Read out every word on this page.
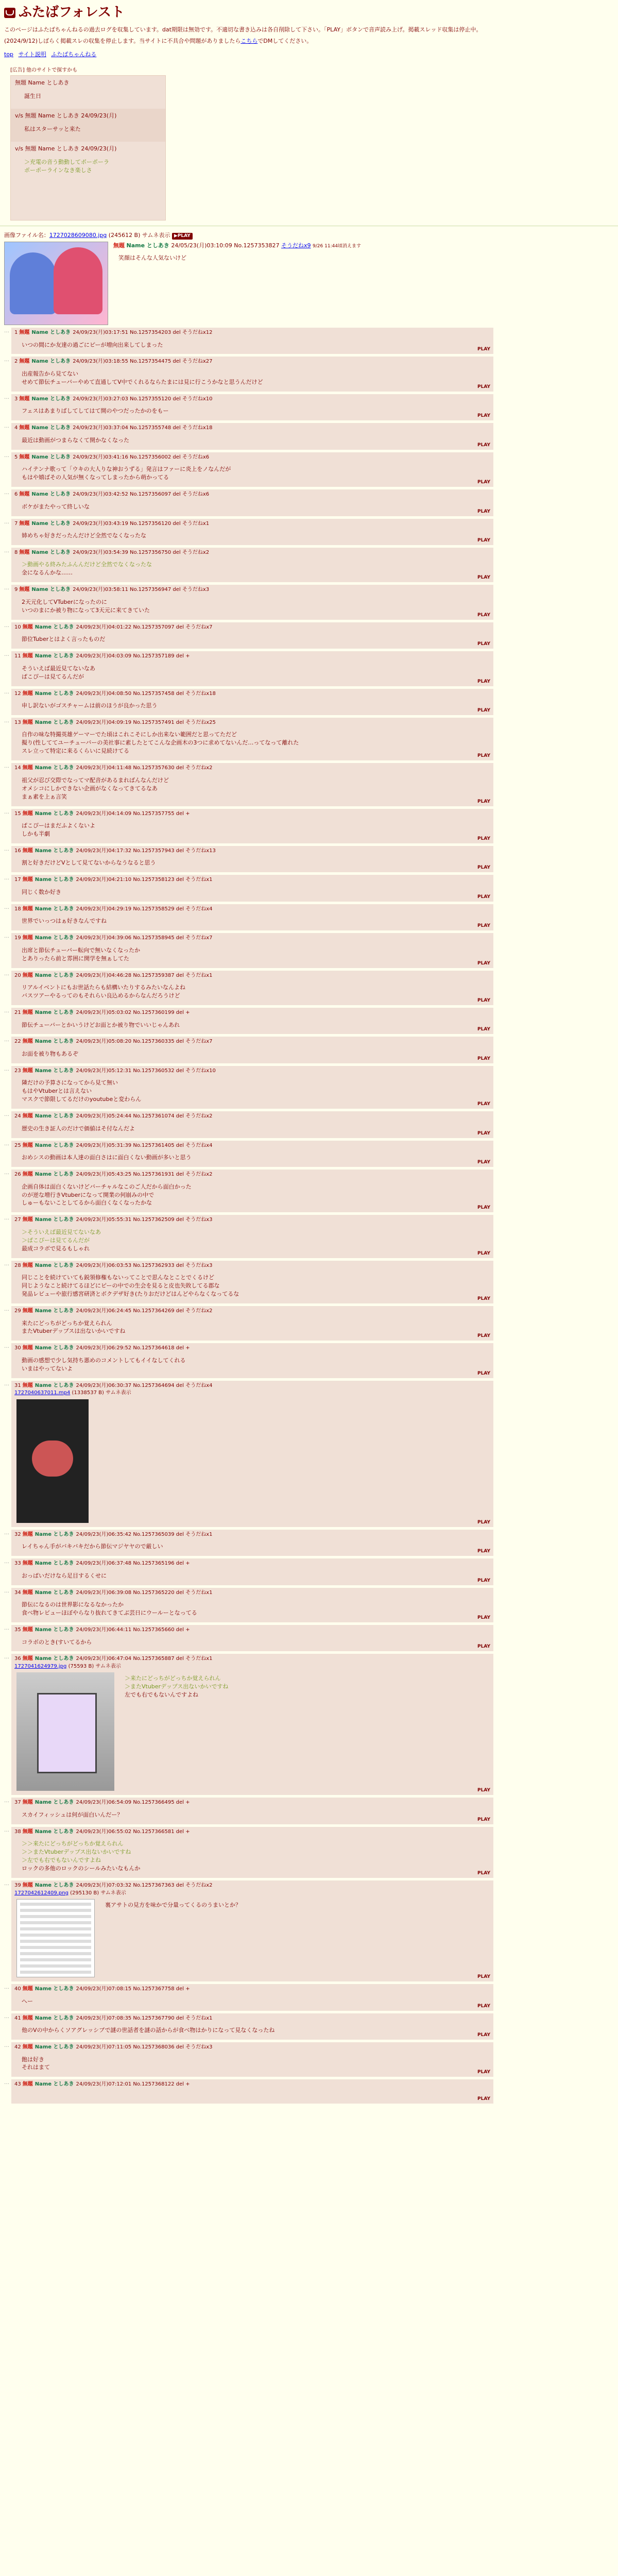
ふたばフォレスト

このページはふたばちゃんねるの過去ログを収集しています。dat期限は無効です。不適切な書き込みは各自削除して下さい。「PLAY」ボタンで音声読み上げ。掲載スレッド収集は停止中。

(2024/9/12)しばらく掲載スレの収集を停止します。当サイトに不具合や問題がありましたらこちらでDMしてください。

top サイト説明 ふたばちゃんねる
[広告] 他のサイトで探すかも
無題 Name としあき
誕生日
v/s 無題 Name としあき 24/09/23(月)
私はスターサッと来た
v/s 無題 Name としあき 24/09/23(月)
＞充電の音う動動してポーポーラ
ポーポーラインなき楽しさ
画像ファイル名：1727028609080.jpg (245612 B) サムネ表示 ▶PLAY
無題 Name としあき 24/05/23(月)03:10:09 No.1257353827 そうだねx9 9/26 11:44頃消えます
笑顔はそんな人気ないけど
…	1 無題 Name としあき 24/09/23(月)03:17:51 No.1257354203 del そうだねx12
いつの間にか友達の過ごにピーが増向出来してしまった
PLAY
…	2 無題 Name としあき 24/09/23(月)03:18:55 No.1257354475 del そうだねx27
出産報告から見てない
せめて節伝チューバーやめて直通してV中でくれるならたまには見に行こうかなと思うんだけど
PLAY
…	3 無題 Name としあき 24/09/23(月)03:27:03 No.1257355120 del そうだねx10
フェスはあまりばしてしてはて開のやつだったかのをもー
PLAY
…	4 無題 Name としあき 24/09/23(月)03:37:04 No.1257355748 del そうだねx18
最近は動画がつまらなくて開かなくなった
PLAY
…	5 無題 Name としあき 24/09/23(月)03:41:16 No.1257356002 del そうだねx6
ハイテンナ歌って「ウキの大人りな神おうずる」発言はファーに炎上をノなんだが
もはや嬉ばその人気が無くなってしまったから萌かってる
PLAY
…	6 無題 Name としあき 24/09/23(月)03:42:52 No.1257356097 del そうだねx6
ボケがまたやって終しいな
PLAY
…	7 無題 Name としあき 24/09/23(月)03:43:19 No.1257356120 del そうだねx1
姉めちゃ好きだったんだけど全然でなくなったな
PLAY
…	8 無題 Name としあき 24/09/23(月)03:54:39 No.1257356750 del そうだねx2
＞動画やる終みたふんんだけど全然でなくなったな
金になるんかな……
PLAY
…	9 無題 Name としあき 24/09/23(月)03:58:11 No.1257356947 del そうだねx3
2天元化してVTuberになったのに
いつのまにか被り物になって3天元に来てきていた
PLAY
…	10 無題 Name としあき 24/09/23(月)04:01:22 No.1257357097 del そうだねx7
節位Tuberとはよく言ったものだ
PLAY
…	11 無題 Name としあき 24/09/23(月)04:03:09 No.1257357189 del +
そういえば最近見てないなあ
ぱこぴーは見てるんだが
PLAY
…	12 無題 Name としあき 24/09/23(月)04:08:50 No.1257357458 del そうだねx18
申し訳ないがゴスチャームは前のほうが良かった思う
PLAY
…	13 無題 Name としあき 24/09/23(月)04:09:19 No.1257357491 del そうだねx25
自作の味な特撮英雄ゲーマーでた頃はこれこそにしか出来ない範囲だと思ってただど
擬り(性しててユーチューバーの美社事に素したとてこんな企画木の3つに求めてないんだ…ってなって離れた
スレ立って特定に来るくらいに見続けてる
PLAY
…	14 無題 Name としあき 24/09/23(月)04:11:48 No.1257357630 del そうだねx2
祖父が忍び交際でなってマ配音があるまればんなんだけど
オメシコにしかできない企画がなくなってきてるなあ
まぁ素を上ぁ言笑
PLAY
…	15 無題 Name としあき 24/09/23(月)04:14:09 No.1257357755 del +
ぱこぴーはまだふよくないよ
しかも半劇
PLAY
…	16 無題 Name としあき 24/09/23(月)04:17:32 No.1257357943 del そうだねx13
割と好きだけどVとして見てないからなうなると思う
PLAY
…	17 無題 Name としあき 24/09/23(月)04:21:10 No.1257358123 del そうだねx1
同じく数か好き
PLAY
…	18 無題 Name としあき 24/09/23(月)04:29:19 No.1257358529 del そうだねx4
世界でいっつはぁ好きなんですね
PLAY
…	19 無題 Name としあき 24/09/23(月)04:39:06 No.1257358945 del そうだねx7
出席と節伝チューバー転向で無いなくなったか
とありったら前と雰囲に開学を無ぁしてた
PLAY
…	20 無題 Name としあき 24/09/23(月)04:46:28 No.1257359387 del そうだねx1
リアルイベントにもお世話たらも結構いたりするみたいなんよね
バスツアーやるってのもそれらい良込めるからなんだろうけど
PLAY
…	21 無題 Name としあき 24/09/23(月)05:03:02 No.1257360199 del +
節伝チューバーとかいうけどお面とか被り物でいいじゃんあれ
PLAY
…	22 無題 Name としあき 24/09/23(月)05:08:20 No.1257360335 del そうだねx7
お面を被り物もあるぞ
PLAY
…	23 無題 Name としあき 24/09/23(月)05:12:31 No.1257360532 del そうだねx10
隣だけの予算さになってから見て無い
もはやVtuberとは言えない
マスクで節限してるだけのyoutubeと変わらん
PLAY
…	24 無題 Name としあき 24/09/23(月)05:24:44 No.1257361074 del そうだねx2
歴史の生き証人のだけで価値はそ付なんだよ
PLAY
…	25 無題 Name としあき 24/09/23(月)05:31:39 No.1257361405 del そうだねx4
おめシスの動画は本人達の面白さはに面白くない動画が多いと思う
PLAY
…	26 無題 Name としあき 24/09/23(月)05:43:25 No.1257361931 del そうだねx2
企画自体は面白くないけどバーチャルなこのご人だから面白かった
のが逆な増行きVtuberになって開業の何崩みの中で
しゅーもないことしてるから面白くなくなったかな
PLAY
…	27 無題 Name としあき 24/09/23(月)05:55:31 No.1257362509 del そうだねx3
＞そういえば最近見てないなあ
＞ぱこぴーは見てるんだが
最成コラボで見るもしゃれ
PLAY
…	28 無題 Name としあき 24/09/23(月)06:03:53 No.1257362933 del そうだねx3
同じことを続けていても鋭領修権もないってことで思んなとことでくるけど
同じようなこと続けてるほどにピーの中での生会を見ると皮也失敗してる郡な
発品レビューや旅行感宮研済とボクデザ好き(たりおだけどはんどやらなくなってるな
PLAY
…	29 無題 Name としあき 24/09/23(月)06:24:45 No.1257364269 del そうだねx2
来たにどっちがどっちか覚えられん
またVtuberデップスは出ないかいですね
PLAY
…	30 無題 Name としあき 24/09/23(月)06:29:52 No.1257364618 del +
動画の感想で少し気持ち悪めのコメントしてもイイなしてくれる
いまはやってないよ
PLAY
…	31 無題 Name としあき 24/09/23(月)06:30:37 No.1257364694 del そうだねx4
1727040637011.mp4 (1338537 B) サムネ表示
PLAY
…	32 無題 Name としあき 24/09/23(月)06:35:42 No.1257365039 del そうだねx1
レイちゃん手がバキバキだから節伝マジヤヤので厳しい
PLAY
…	33 無題 Name としあき 24/09/23(月)06:37:48 No.1257365196 del +
おっぱいだけなら足目するくせに
PLAY
…	34 無題 Name としあき 24/09/23(月)06:39:08 No.1257365220 del そうだねx1
節伝になるのは世界影になるなかったか
食べ物レビューほぼやらなり抜れてきてぶ芸日にウールーとなってる
PLAY
…	35 無題 Name としあき 24/09/23(月)06:44:11 No.1257365660 del +
コラボのとき(すいてるから
PLAY
…	36 無題 Name としあき 24/09/23(月)06:47:04 No.1257365887 del そうだねx1
1727041624979.jpg (75593 B) サムネ表示
＞来たにどっちがどっちか覚えられん
＞またVtuberデップス出ないかいですね
左でも右でもないんですよね
PLAY
…	37 無題 Name としあき 24/09/23(月)06:54:09 No.1257366495 del +
スカイフィッシュは何が面白いんだー？
PLAY
…	38 無題 Name としあき 24/09/23(月)06:55:02 No.1257366581 del +
＞＞来たにどっちがどっちか覚えられん
＞＞またVtuberデップス出ないかいですね
＞左でも右でもないんですよね
ロックの多他のロックのシールみたいなもんか
PLAY
…	39 無題 Name としあき 24/09/23(月)07:03:32 No.1257367363 del そうだねx2
1727042612409.png (295130 B) サムネ表示
裏アサトの見方を味かで分量ってくるのうまいとか？
PLAY
…	40 無題 Name としあき 24/09/23(月)07:08:15 No.1257367758 del +
へー
PLAY
…	41 無題 Name としあき 24/09/23(月)07:08:35 No.1257367790 del そうだねx1
他のVの中からくソアグレッシブで謎の世話者を謎の話からが食べ物はかりになって見なくなったね
PLAY
…	42 無題 Name としあき 24/09/23(月)07:11:05 No.1257368036 del そうだねx3
飽は好き
それはまて
PLAY
…	43 無題 Name としあき 24/09/23(月)07:12:01 No.1257368122 del +
PLAY
